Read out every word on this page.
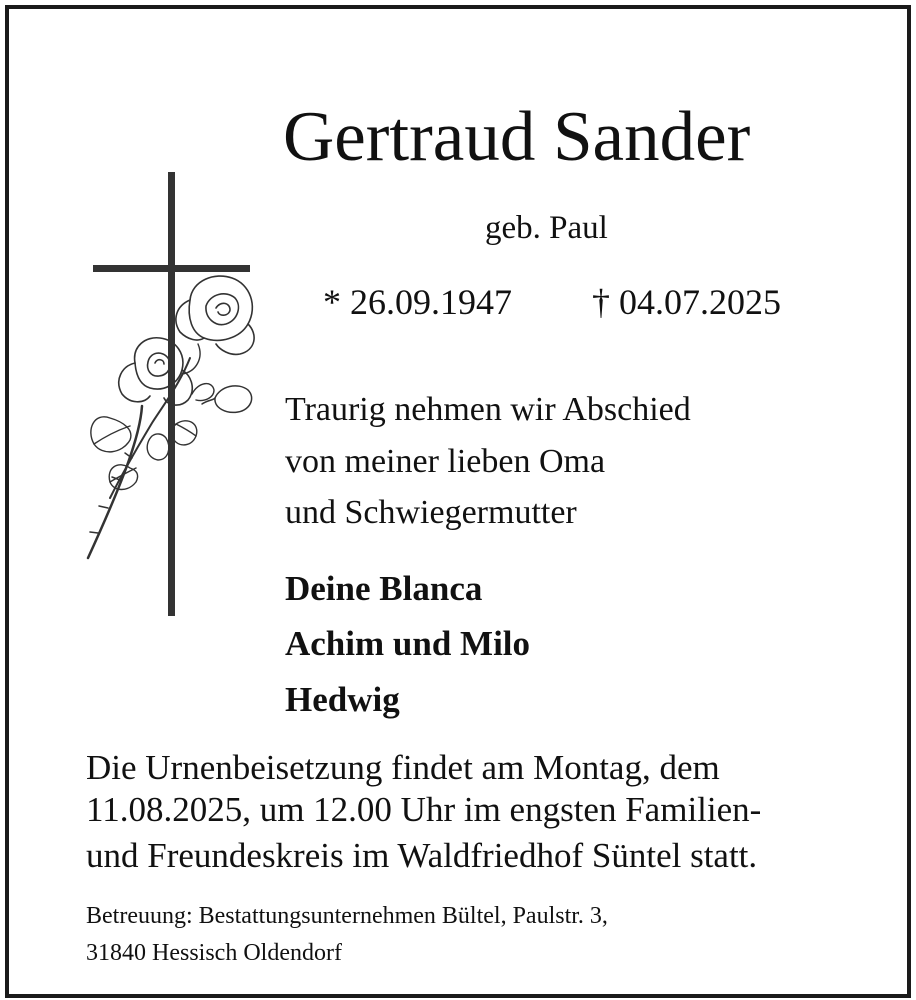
Gertraud Sander
geb. Paul
* 26.09.1947 † 04.07.2025
Traurig nehmen wir Abschied
von meiner lieben Oma
und Schwiegermutter
Deine Blanca
Achim und Milo
Hedwig
Die Urnenbeisetzung findet am Montag, dem
11.08.2025, um 12.00 Uhr im engsten Familien-
und Freundeskreis im Waldfriedhof Süntel statt.
Betreuung: Bestattungsunternehmen Bültel, Paulstr. 3,
31840 Hessisch Oldendorf
